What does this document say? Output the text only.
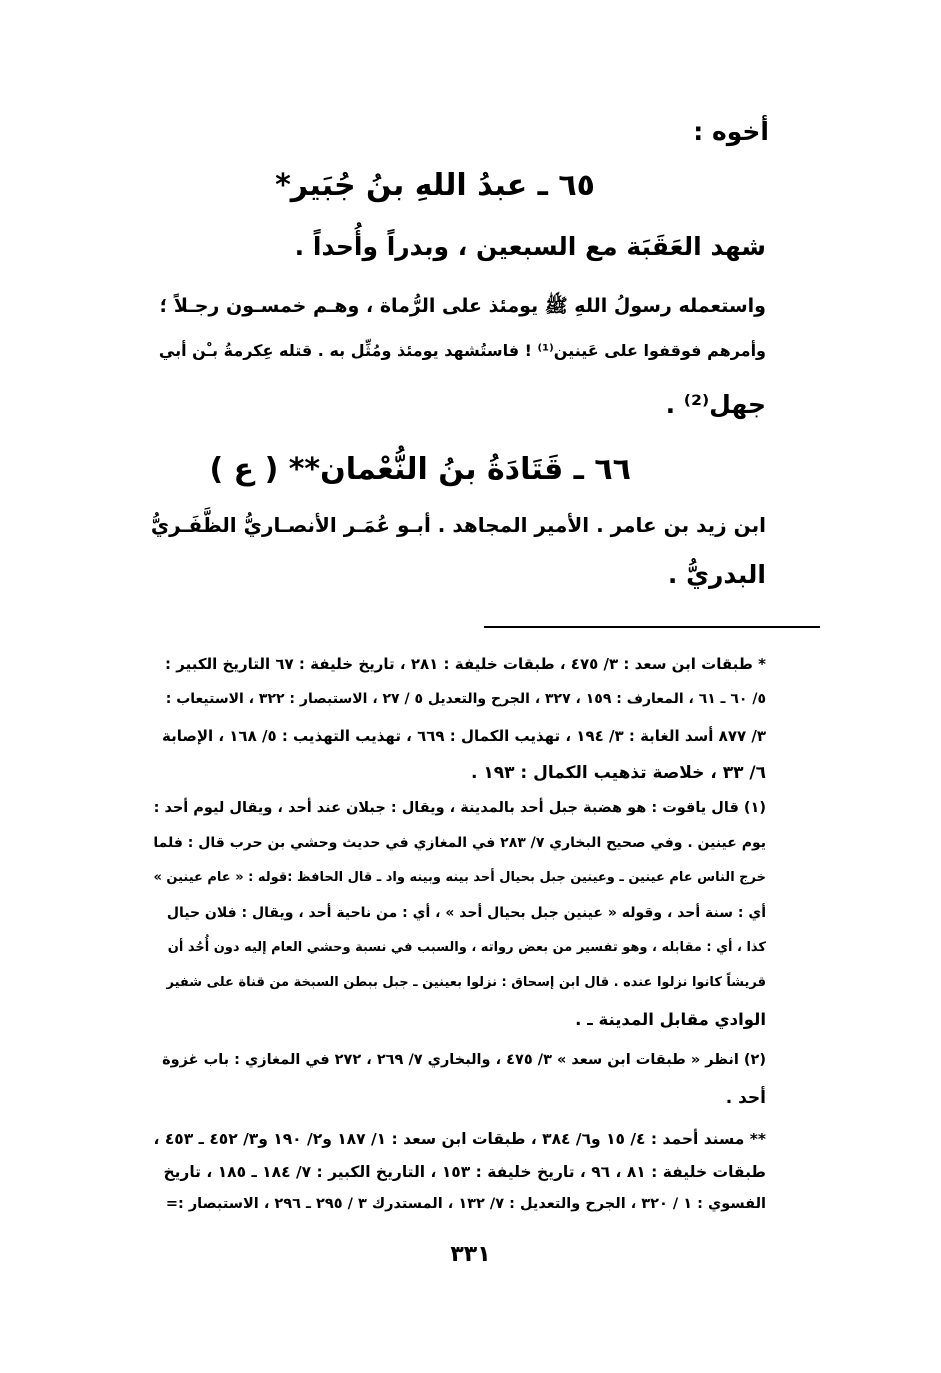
أخوه :
٦٥ ـ عبدُ اللهِ بنُ جُبَير*
شهد العَقَبَة مع السبعين ، وبدراً وأُحداً .
واستعمله رسولُ اللهِ ﷺ يومئذ على الرُّماة ، وهـم خمسـون رجـلاً ؛
وأمرهم فوقفوا على عَينين⁽¹⁾ ! فاستُشهد يومئذ ومُثِّل به . قتله عِكرمةُ بـْن أبي
جهل⁽²⁾ .
٦٦ ـ قَتَادَةُ بنُ النُّعْمان** ( ع )
ابن زيد بن عامر . الأمير المجاهد . أبـو عُمَـر الأنصـاريُّ الظَّفَـريُّ
البدريُّ .
* طبقات ابن سعد : ٣/ ٤٧٥ ، طبقات خليفة : ٢٨١ ، تاريخ خليفة : ٦٧ التاريخ الكبير :
٥/ ٦٠ ـ ٦١ ، المعارف : ١٥٩ ، ٣٢٧ ، الجرح والتعديل ٥ / ٢٧ ، الاستبصار : ٣٢٢ ، الاستيعاب :
٣/ ٨٧٧ أسد الغابة : ٣/ ١٩٤ ، تهذيب الكمال : ٦٦٩ ، تهذيب التهذيب : ٥/ ١٦٨ ، الإصابة
٦/ ٣٣ ، خلاصة تذهيب الكمال : ١٩٣ .
(١) قال ياقوت : هو هضبة جبل أحد بالمدينة ، ويقال : جبلان عند أحد ، ويقال ليوم أحد :
يوم عينين . وفي صحيح البخاري ٧/ ٢٨٣ في المغازي في حديث وحشي بن حرب قال : فلما
خرج الناس عام عينين ـ وعينين جبل بحيال أحد بينه وبينه واد ـ قال الحافظ :قوله : « عام عينين »
أي : سنة أحد ، وقوله « عينين جبل بحيال أحد » ، أي : من ناحية أحد ، ويقال : فلان حيال
كذا ، أي : مقابله ، وهو تفسير من بعض رواته ، والسبب في نسبة وحشي العام إليه دون أُحُد أن
قريشاً كانوا نزلوا عنده . قال ابن إسحاق : نزلوا بعينين ـ جبل ببطن السبخة من قناة على شفير
الوادي مقابل المدينة ـ .
(٢) انظر « طبقات ابن سعد » ٣/ ٤٧٥ ، والبخاري ٧/ ٢٦٩ ، ٢٧٢ في المغازي : باب غزوة
أحد .
** مسند أحمد : ٤/ ١٥ و٦/ ٣٨٤ ، طبقات ابن سعد : ١/ ١٨٧ و٢/ ١٩٠ و٣/ ٤٥٢ ـ ٤٥٣ ،
طبقات خليفة : ٨١ ، ٩٦ ، تاريخ خليفة : ١٥٣ ، التاريخ الكبير : ٧/ ١٨٤ ـ ١٨٥ ، تاريخ
الفسوي : ١ / ٣٢٠ ، الجرح والتعديل : ٧/ ١٣٢ ، المستدرك ٣ / ٢٩٥ ـ ٢٩٦ ، الاستبصار :=
٣٣١
